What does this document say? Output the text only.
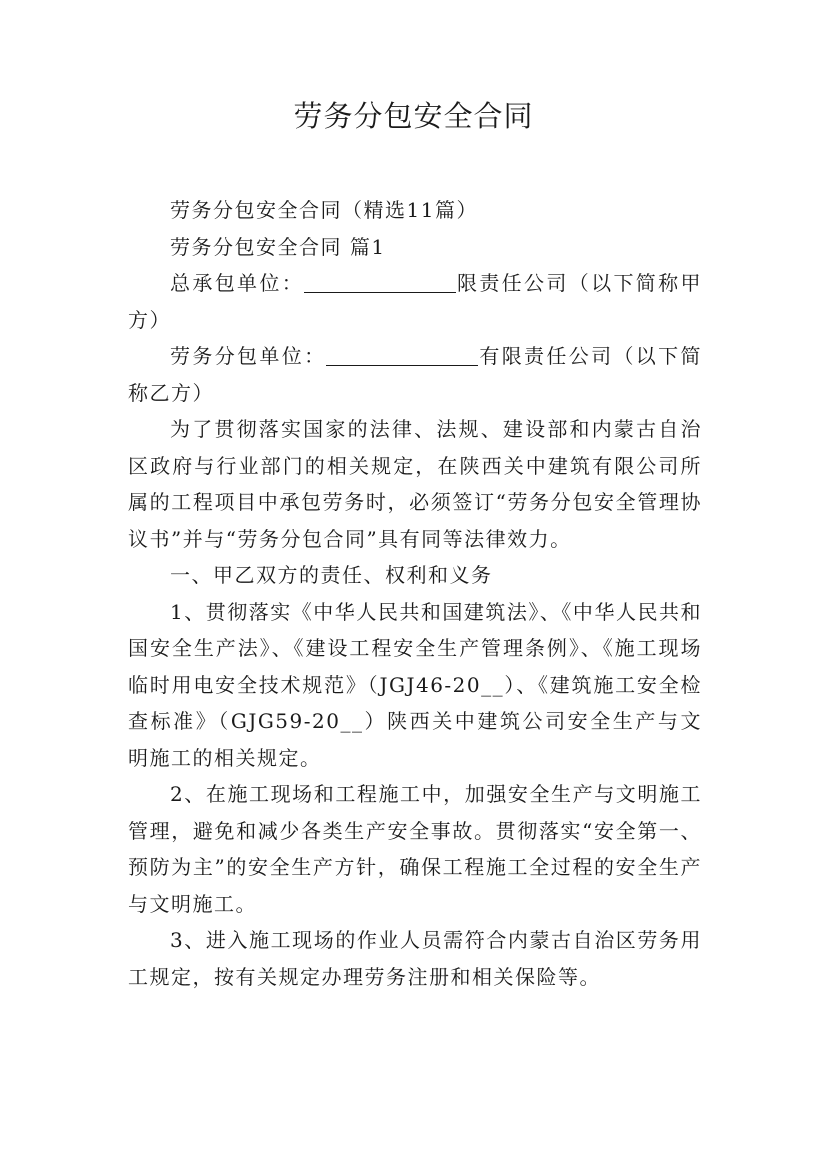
劳务分包安全合同

劳务分包安全合同（精选11篇）

劳务分包安全合同 篇1

总承包单位：	限责任公司（以下简称甲方）

劳务分包单位：	有限责任公司（以下简称乙方）

为了贯彻落实国家的法律、法规、建设部和内蒙古自治区政府与行业部门的相关规定，在陕西关中建筑有限公司所属的工程项目中承包劳务时，必须签订“劳务分包安全管理协议书”并与“劳务分包合同”具有同等法律效力。

一、甲乙双方的责任、权利和义务

1、贯彻落实《中华人民共和国建筑法》、《中华人民共和国安全生产法》、《建设工程安全生产管理条例》、《施工现场临时用电安全技术规范》（JGJ46-20__）、《建筑施工安全检查标准》（GJG59-20__）陕西关中建筑公司安全生产与文明施工的相关规定。

2、在施工现场和工程施工中，加强安全生产与文明施工管理，避免和减少各类生产安全事故。贯彻落实“安全第一、预防为主”的安全生产方针，确保工程施工全过程的安全生产与文明施工。

3、进入施工现场的作业人员需符合内蒙古自治区劳务用工规定，按有关规定办理劳务注册和相关保险等。
